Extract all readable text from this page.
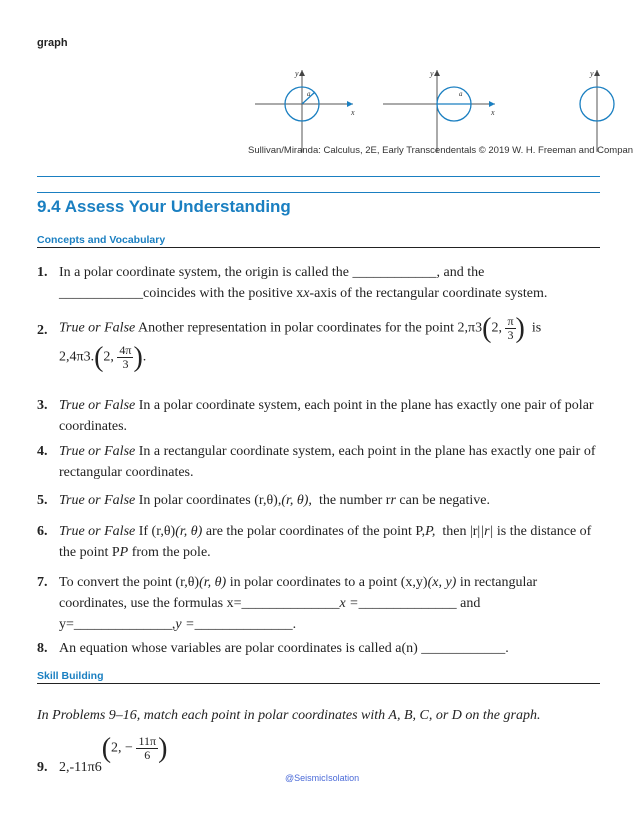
graph
y
x
a
y
x
a
y
Sullivan/Miranda: Calculus, 2E, Early Transcendentals © 2019 W. H. Freeman and Compan
9.4 Assess Your Understanding
Concepts and Vocabulary
1. In a polar coordinate system, the origin is called the ____________, and the
____________coincides with the positive xx-axis of the rectangular coordinate system.
2. True or False Another representation in polar coordinates for the point 2,π3(2, $\frac{\pi}{3}$ ) is
2,4π3.(2, $\frac{4\pi}{3}$ ).
3. True or False In a polar coordinate system, each point in the plane has exactly one pair of polar coordinates.
4. True or False In a rectangular coordinate system, each point in the plane has exactly one pair of rectangular coordinates.
5. True or False In polar coordinates (r,θ),(r, θ), the number rr can be negative.
6. True or False If (r,θ)(r, θ) are the polar coordinates of the point P,P, then |r||r| is the distance of the point PP from the pole.
7. To convert the point (r,θ)(r, θ) in polar coordinates to a point (x,y)(x, y) in rectangular coordinates, use the formulas x=______________x =______________ and
y=______________,y =______________.
8. An equation whose variables are polar coordinates is called a(n) ____________.
Skill Building
In Problems 9–16, match each point in polar coordinates with A, B, C, or D on the graph.
9. 2,-11π6(2, − $\frac{11\pi}{6}$ )
@SeismicIsolation
